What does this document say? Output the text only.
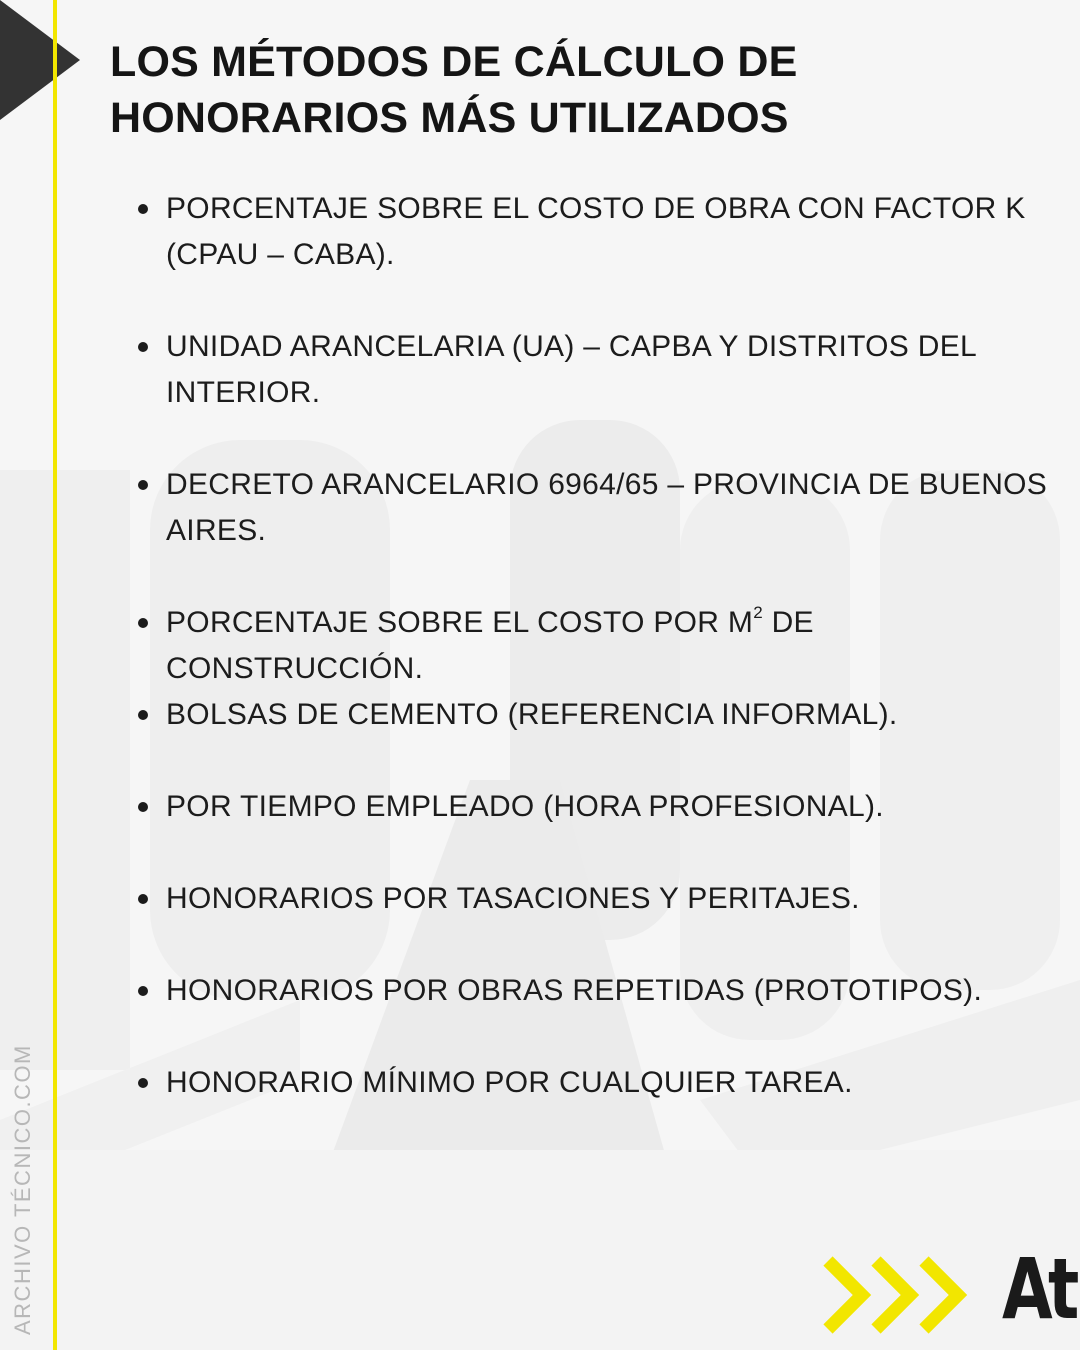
LOS MÉTODOS DE CÁLCULO DE HONORARIOS MÁS UTILIZADOS
PORCENTAJE SOBRE EL COSTO DE OBRA CON FACTOR K (CPAU – CABA).
UNIDAD ARANCELARIA (UA) – CAPBA Y DISTRITOS DEL INTERIOR.
DECRETO ARANCELARIO 6964/65 – PROVINCIA DE BUENOS AIRES.
PORCENTAJE SOBRE EL COSTO POR $M^2$ DE CONSTRUCCIÓN.
BOLSAS DE CEMENTO (REFERENCIA INFORMAL).
POR TIEMPO EMPLEADO (HORA PROFESIONAL).
HONORARIOS POR TASACIONES Y PERITAJES.
HONORARIOS POR OBRAS REPETIDAS (PROTOTIPOS).
HONORARIO MÍNIMO POR CUALQUIER TAREA.
ARCHIVO TÉCNICO.COM	At
